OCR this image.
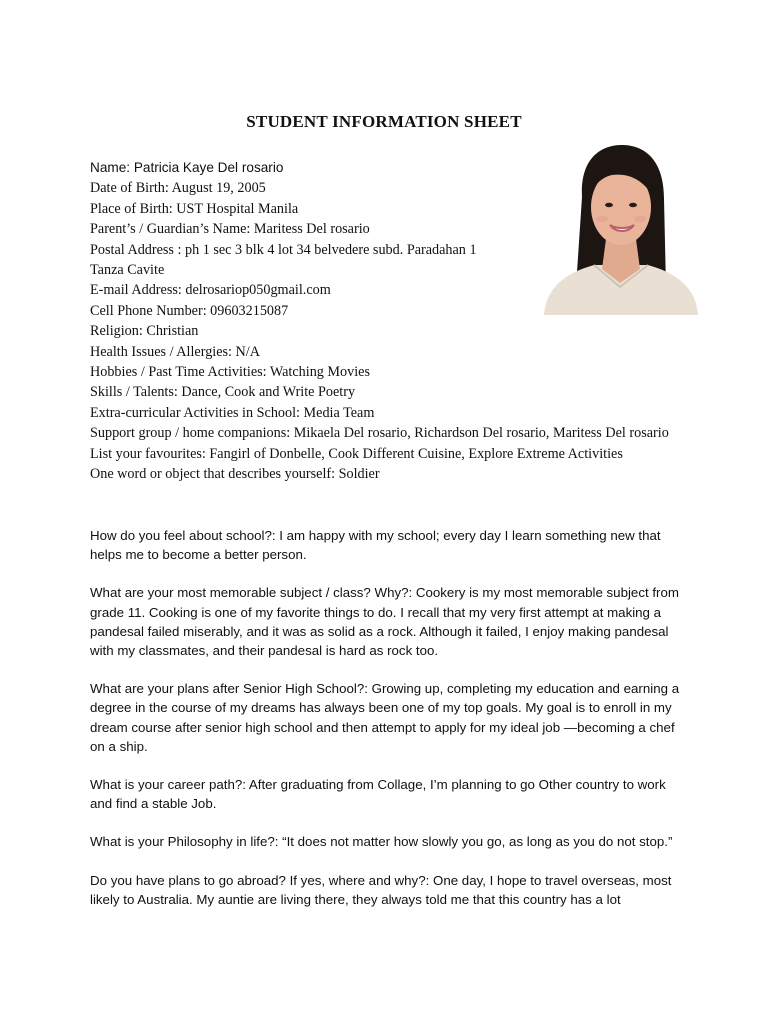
STUDENT INFORMATION SHEET
Name: Patricia Kaye Del rosario
Date of Birth: August 19, 2005
Place of Birth: UST Hospital Manila
Parent’s / Guardian’s Name: Maritess Del rosario
Postal Address : ph 1 sec 3 blk 4 lot 34 belvedere subd. Paradahan 1
Tanza Cavite
E-mail Address: delrosariop050gmail.com
Cell Phone Number: 09603215087
Religion: Christian
Health Issues / Allergies: N/A
Hobbies / Past Time Activities: Watching Movies
Skills / Talents: Dance, Cook and Write Poetry
Extra-curricular Activities in School: Media Team
Support group / home companions: Mikaela Del rosario, Richardson Del rosario, Maritess Del rosario
List your favourites: Fangirl of Donbelle, Cook Different Cuisine, Explore Extreme Activities
One word or object that describes yourself: Soldier

How do you feel about school?: I am happy with my school; every day I learn something new that helps me to become a better person.

What are your most memorable subject / class? Why?: Cookery is my most memorable subject from grade 11. Cooking is one of my favorite things to do. I recall that my very first attempt at making a pandesal failed miserably, and it was as solid as a rock. Although it failed, I enjoy making pandesal with my classmates, and their pandesal is hard as rock too.

What are your plans after Senior High School?: Growing up, completing my education and earning a degree in the course of my dreams has always been one of my top goals. My goal is to enroll in my dream course after senior high school and then attempt to apply for my ideal job —becoming a chef on a ship.

What is your career path?: After graduating from Collage, I’m planning to go Other country to work and find a stable Job.

What is your Philosophy in life?: “It does not matter how slowly you go, as long as you do not stop.”

Do you have plans to go abroad? If yes, where and why?: One day, I hope to travel overseas, most likely to Australia. My auntie are living there, they always told me that this country has a lot
